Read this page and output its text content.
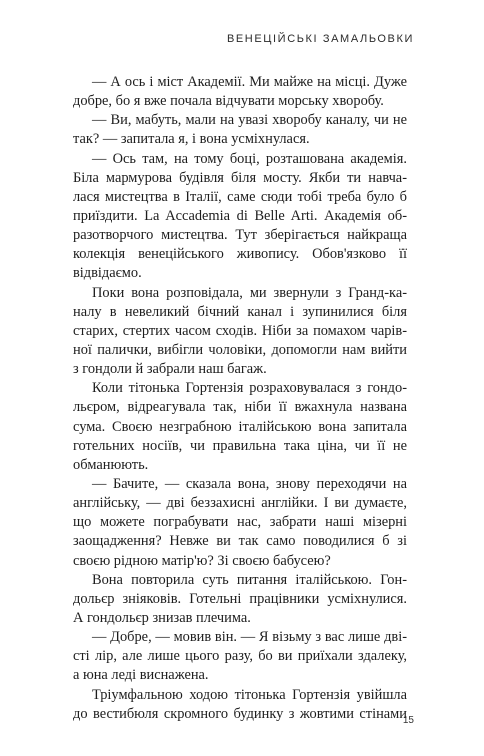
ВЕНЕЦІЙСЬКІ ЗАМАЛЬОВКИ
— А ось і міст Академії. Ми майже на місці. Дуже
добре, бо я вже почала відчувати морську хворобу.
— Ви, мабуть, мали на увазі хворобу каналу, чи не
так? — запитала я, і вона усміхнулася.
— Ось там, на тому боці, розташована академія.
Біла мармурова будівля біля мосту. Якби ти навча-
лася мистецтва в Італії, саме сюди тобі треба було б
приїздити. La Accademia di Belle Arti. Академія об-
разотворчого мистецтва. Тут зберігається найкраща
колекція венеційського живопису. Обов'язково її
відвідаємо.
Поки вона розповідала, ми звернули з Гранд-ка-
налу в невеликий бічний канал і зупинилися біля
старих, стертих часом сходів. Ніби за помахом чарів-
ної палички, вибігли чоловіки, допомогли нам вийти
з гондоли й забрали наш багаж.
Коли тітонька Гортензія розраховувалася з гондо-
льєром, відреагувала так, ніби її вжахнула названа
сума. Своєю незграбною італійською вона запитала
готельних носіїв, чи правильна така ціна, чи її не
обманюють.
— Бачите, — сказала вона, знову переходячи на
англійську, — дві беззахисні англійки. І ви думаєте,
що можете пограбувати нас, забрати наші мізерні
заощадження? Невже ви так само поводилися б зі
своєю рідною матір'ю? Зі своєю бабусею?
Вона повторила суть питання італійською. Гон-
дольєр зніяковів. Готельні працівники усміхнулися.
А гондольєр знизав плечима.
— Добре, — мовив він. — Я візьму з вас лише дві-
сті лір, але лише цього разу, бо ви приїхали здалеку,
а юна леді виснажена.
Тріумфальною ходою тітонька Гортензія увійшла
до вестибюля скромного будинку з жовтими стінами
15
